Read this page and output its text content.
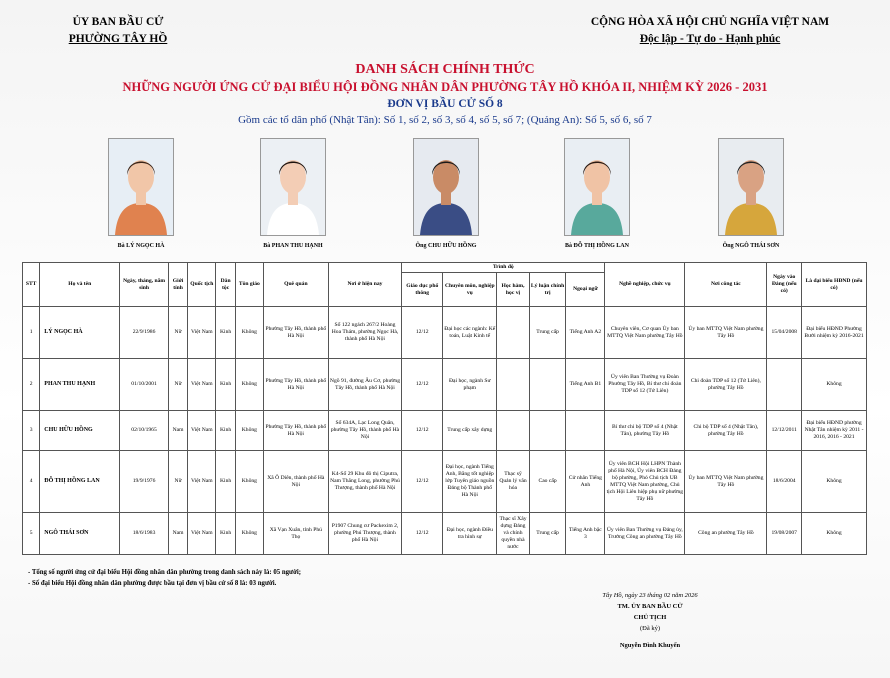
ỦY BAN BẦU CỬ
PHƯỜNG TÂY HỒ
CỘNG HÒA XÃ HỘI CHỦ NGHĨA VIỆT NAM
Độc lập - Tự do - Hạnh phúc
DANH SÁCH CHÍNH THỨC
NHỮNG NGƯỜI ỨNG CỬ ĐẠI BIỂU HỘI ĐỒNG NHÂN DÂN PHƯỜNG TÂY HỒ KHÓA II, NHIỆM KỲ 2026 - 2031
ĐƠN VỊ BẦU CỬ SỐ 8
Gồm các tổ dân phố (Nhật Tân): Số 1, số 2, số 3, số 4, số 5, số 7; (Quảng An): Số 5, số 6, số 7
Bà LÝ NGỌC HÀ	Bà PHAN THU HẠNH	Ông CHU HỮU HỒNG	Bà ĐỖ THỊ HỒNG LAN	Ông NGÔ THÁI SƠN
STT	Họ và tên	Ngày, tháng, năm sinh	Giới tính	Quốc tịch	Dân tộc	Tôn giáo	Quê quán	Nơi ở hiện nay	Trình độ					Nghề nghiệp, chức vụ	Nơi công tác	Ngày vào Đảng (nếu có)	Là đại biểu HĐND (nếu có)
									Giáo dục phổ thông	Chuyên môn, nghiệp vụ	Học hàm, học vị	Lý luận chính trị	Ngoại ngữ				
1	LÝ NGỌC HÀ	22/9/1986	Nữ	Việt Nam	Kinh	Không	Phường Tây Hồ, thành phố Hà Nội	Số 122 ngách 267/2 Hoàng Hoa Thám, phường Ngọc Hà, thành phố Hà Nội	12/12	Đại học các ngành: Kế toán, Luật Kinh tế		Trung cấp	Tiếng Anh A2	Chuyên viên, Cơ quan Ủy ban MTTQ Việt Nam phường Tây Hồ	Ủy ban MTTQ Việt Nam phường Tây Hồ	15/04/2008	Đại biểu HĐND Phường Bưởi nhiệm kỳ 2016-2021
2	PHAN THU HẠNH	01/10/2001	Nữ	Việt Nam	Kinh	Không	Phường Tây Hồ, thành phố Hà Nội	Ngõ 91, đường Âu Cơ, phường Tây Hồ, thành phố Hà Nội	12/12	Đại học, ngành Sư phạm			Tiếng Anh B1	Ủy viên Ban Thường vụ Đoàn Phường Tây Hồ, Bí thư chi đoàn TDP số 12 (Tứ Liên)	Chi đoàn TDP số 12 (Tứ Liên), phường Tây Hồ		Không
3	CHU HỮU HỒNG	02/10/1965	Nam	Việt Nam	Kinh	Không	Phường Tây Hồ, thành phố Hà Nội	Số 634A, Lạc Long Quân, phường Tây Hồ, thành phố Hà Nội	12/12	Trung cấp xây dựng				Bí thư chi bộ TDP số 4 (Nhật Tân), phường Tây Hồ	Chi bộ TDP số 4 (Nhật Tân), phường Tây Hồ	12/12/2011	Đại biểu HĐND phường Nhật Tân nhiệm kỳ 2011 - 2016, 2016 - 2021
4	ĐỖ THỊ HỒNG LAN	19/9/1976	Nữ	Việt Nam	Kinh	Không	Xã Ô Diên, thành phố Hà Nội	K4-Số 29 Khu đô thị Ciputra, Nam Thăng Long, phường Phú Thượng, thành phố Hà Nội	12/12	Đại học, ngành Tiếng Anh, Bằng tốt nghiệp lớp Tuyên giáo nguồn Đảng bộ Thành phố Hà Nội	Thạc sỹ Quản lý văn hóa	Cao cấp	Cử nhân Tiếng Anh	Ủy viên BCH Hội LHPN Thành phố Hà Nội, Ủy viên BCH Đảng bộ phường, Phó Chủ tịch UB MTTQ Việt Nam phường, Chủ tịch Hội Liên hiệp phụ nữ phường Tây Hồ	Ủy ban MTTQ Việt Nam phường Tây Hồ	18/6/2004	Không
5	NGÔ THÁI SƠN	18/6/1983	Nam	Việt Nam	Kinh	Không	Xã Vạn Xuân, tỉnh Phú Thọ	P1907 Chung cư Packexim 2, phường Phú Thượng, thành phố Hà Nội	12/12	Đại học, ngành Điều tra hình sự	Thạc sĩ Xây dựng Đảng và chính quyền nhà nước	Trung cấp	Tiếng Anh bậc 3	Ủy viên Ban Thường vụ Đảng ủy, Trưởng Công an phường Tây Hồ	Công an phường Tây Hồ	19/08/2007	Không
- Tổng số người ứng cử đại biểu Hội đồng nhân dân phường trong danh sách này là: 05 người;
- Số đại biểu Hội đồng nhân dân phường được bầu tại đơn vị bầu cử số 8 là: 03 người.
Tây Hồ, ngày 23 tháng 02 năm 2026
TM. ỦY BAN BẦU CỬ
CHỦ TỊCH
(Đã ký)
Nguyễn Đình Khuyến
